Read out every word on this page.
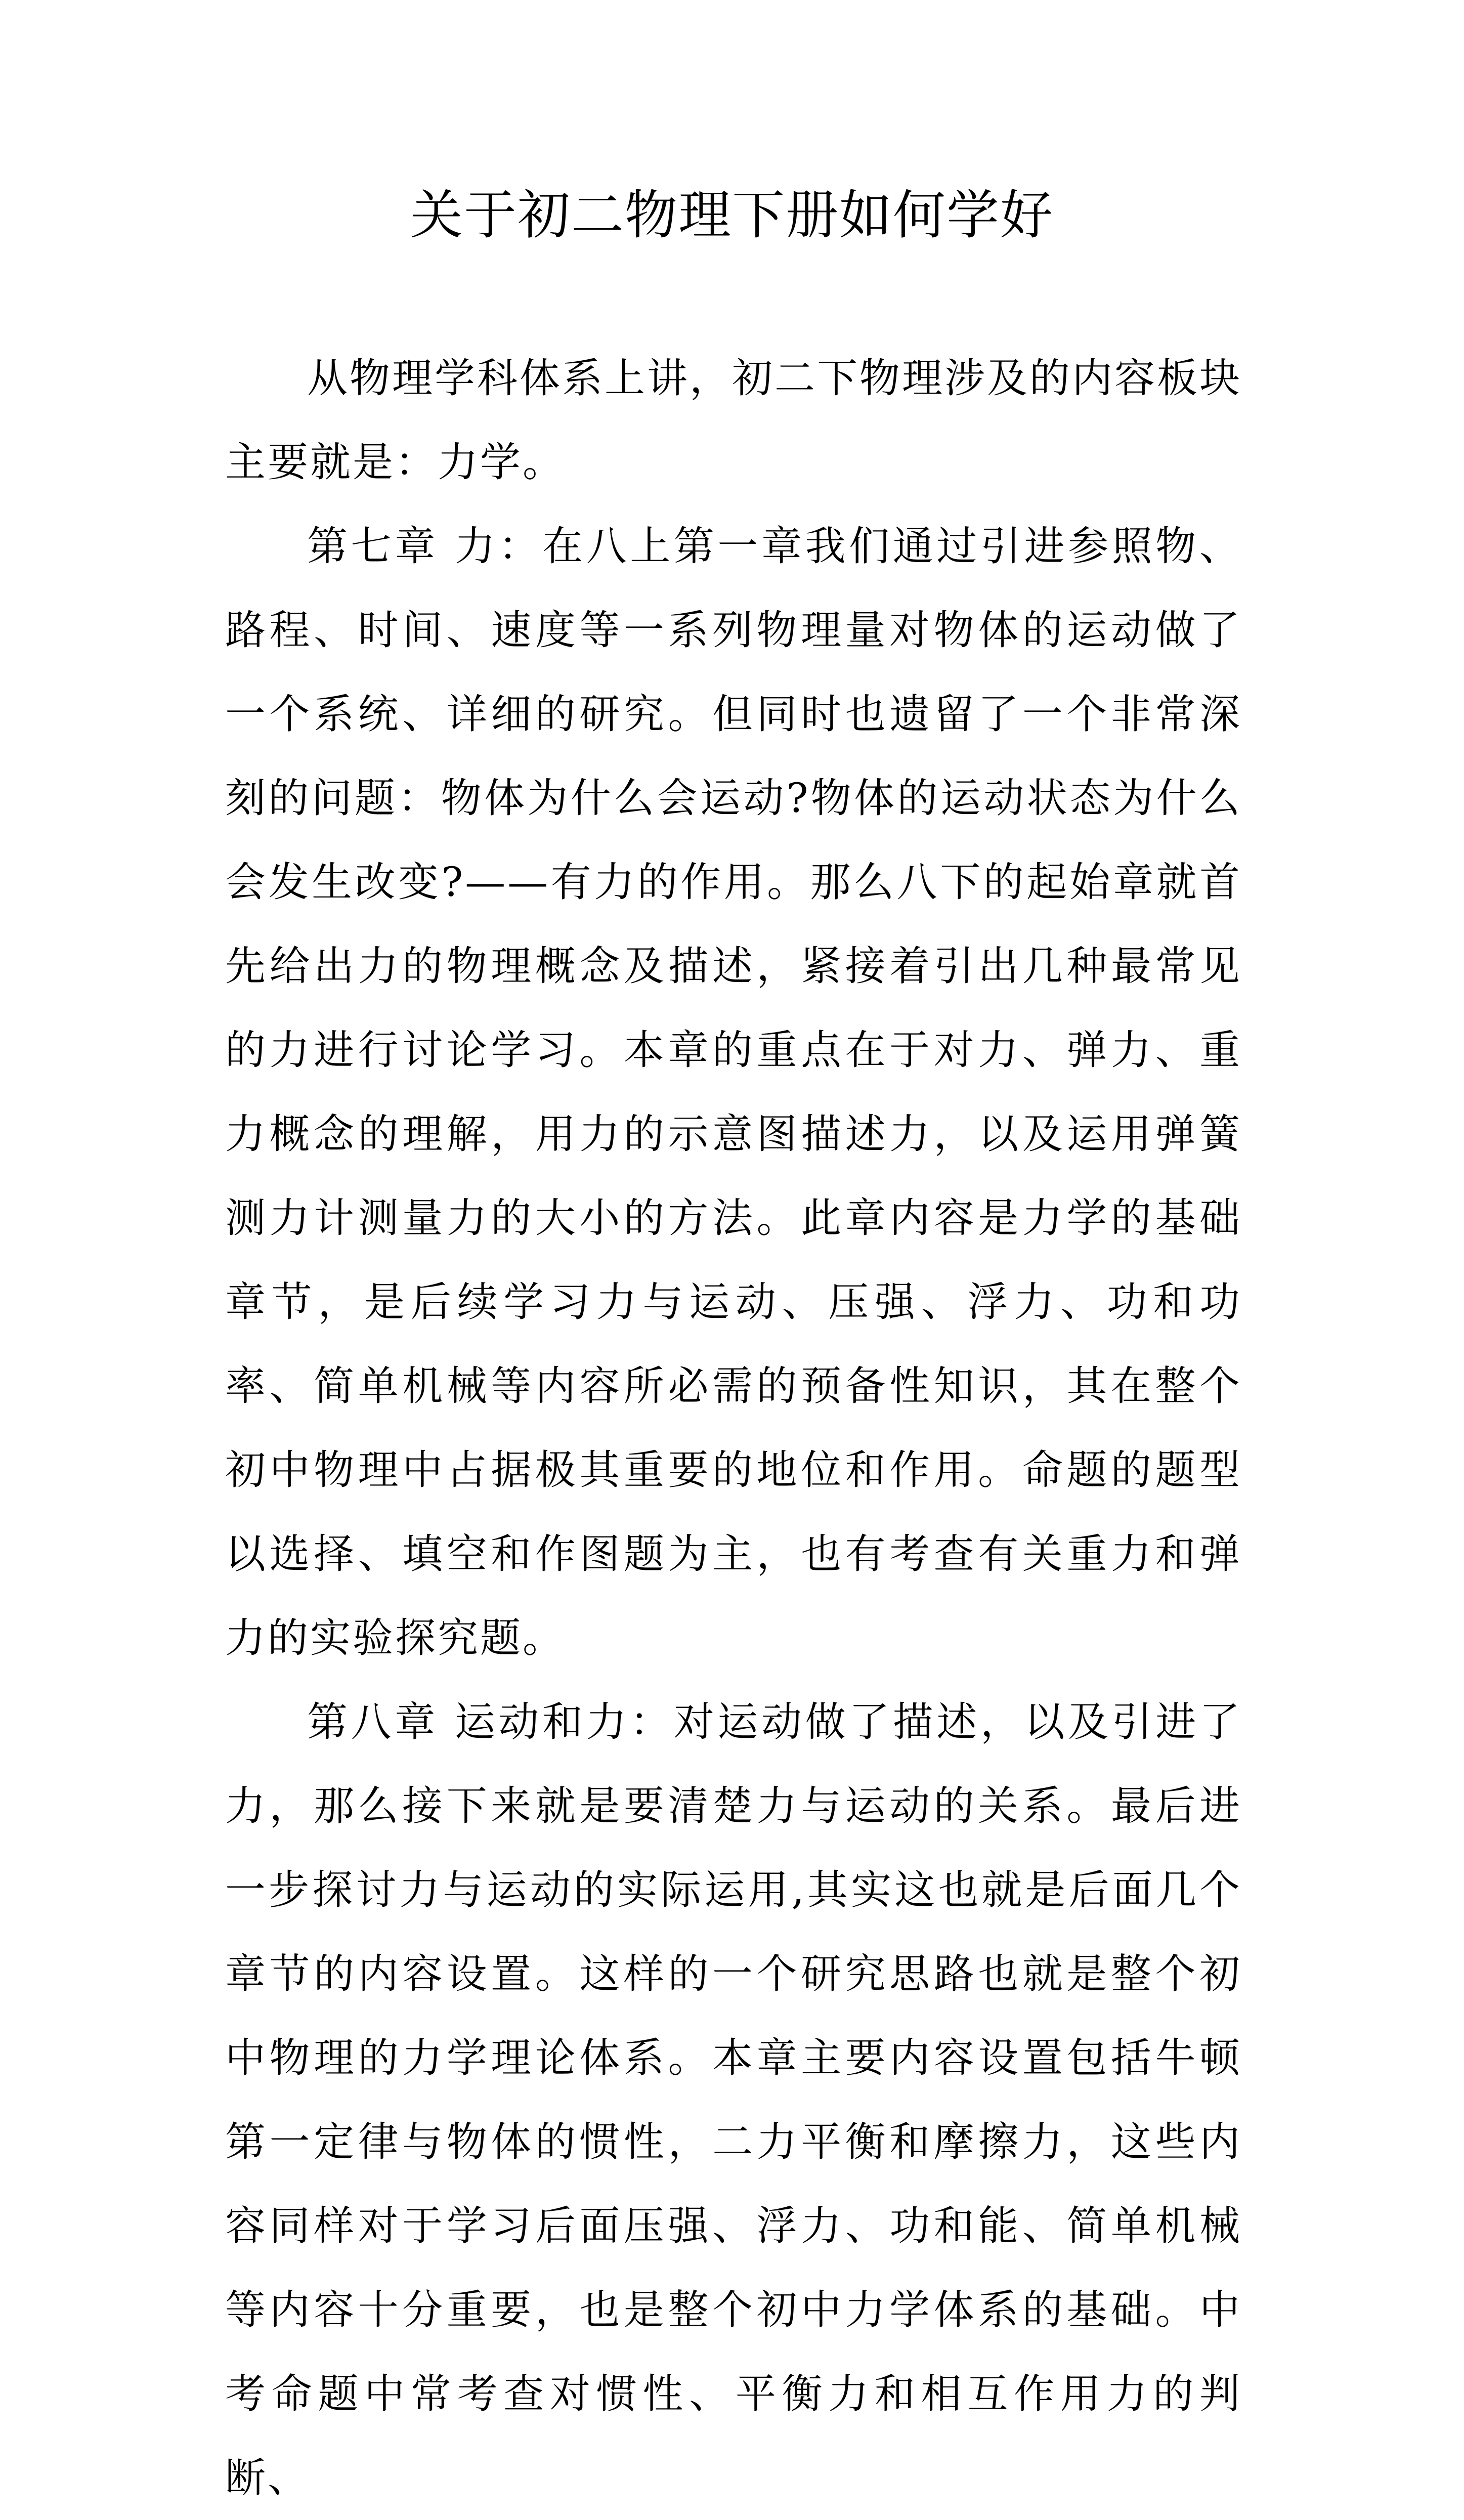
关于初二物理下册如何学好

从物理学科体系上讲，初二下物理涉及的内容板块主要就是：力学。

第七章 力：在八上第一章我们通过引进参照物、路程、时间、速度等一系列物理量对物体的运动做了一个系统、详细的研究。但同时也遗留了一个非常深刻的问题：物体为什么会运动?物体的运动状态为什么会发生改变?——有力的作用。那么八下的起始章就首先给出力的物理概念及描述，紧接着引出几种最常见的力进行讨论学习。本章的重点在于对力、弹力、重力概念的理解，用力的示意图描述力，以及运用弹簧测力计测量力的大小的方法。此章内容是力学的基础章节，是后续学习力与运动、压强、浮力、功和功率、简单机械等内容所必需的预备性知识，其在整个初中物理中占据极其重要的地位和作用。命题的题型以选择、填空和作图题为主，也有考查有关重力和弹力的实验探究题。

第八章 运动和力：对运动做了描述，以及引进了力，那么接下来就是要清楚力与运动的关系。最后进一步探讨力与运动的实际运用,其实这也就是后面几个章节的内容设置。这样的一个研究思路也就是整个初中物理的力学理论体系。本章主要内容设置包括牛顿第一定律与物体的惯性，二力平衡和摩擦力，这些内容同样对于学习后面压强、浮力、功和能、简单机械等内容十分重要，也是整个初中力学体系的基础。中考命题中常考查对惯性、平衡力和相互作用力的判断、
